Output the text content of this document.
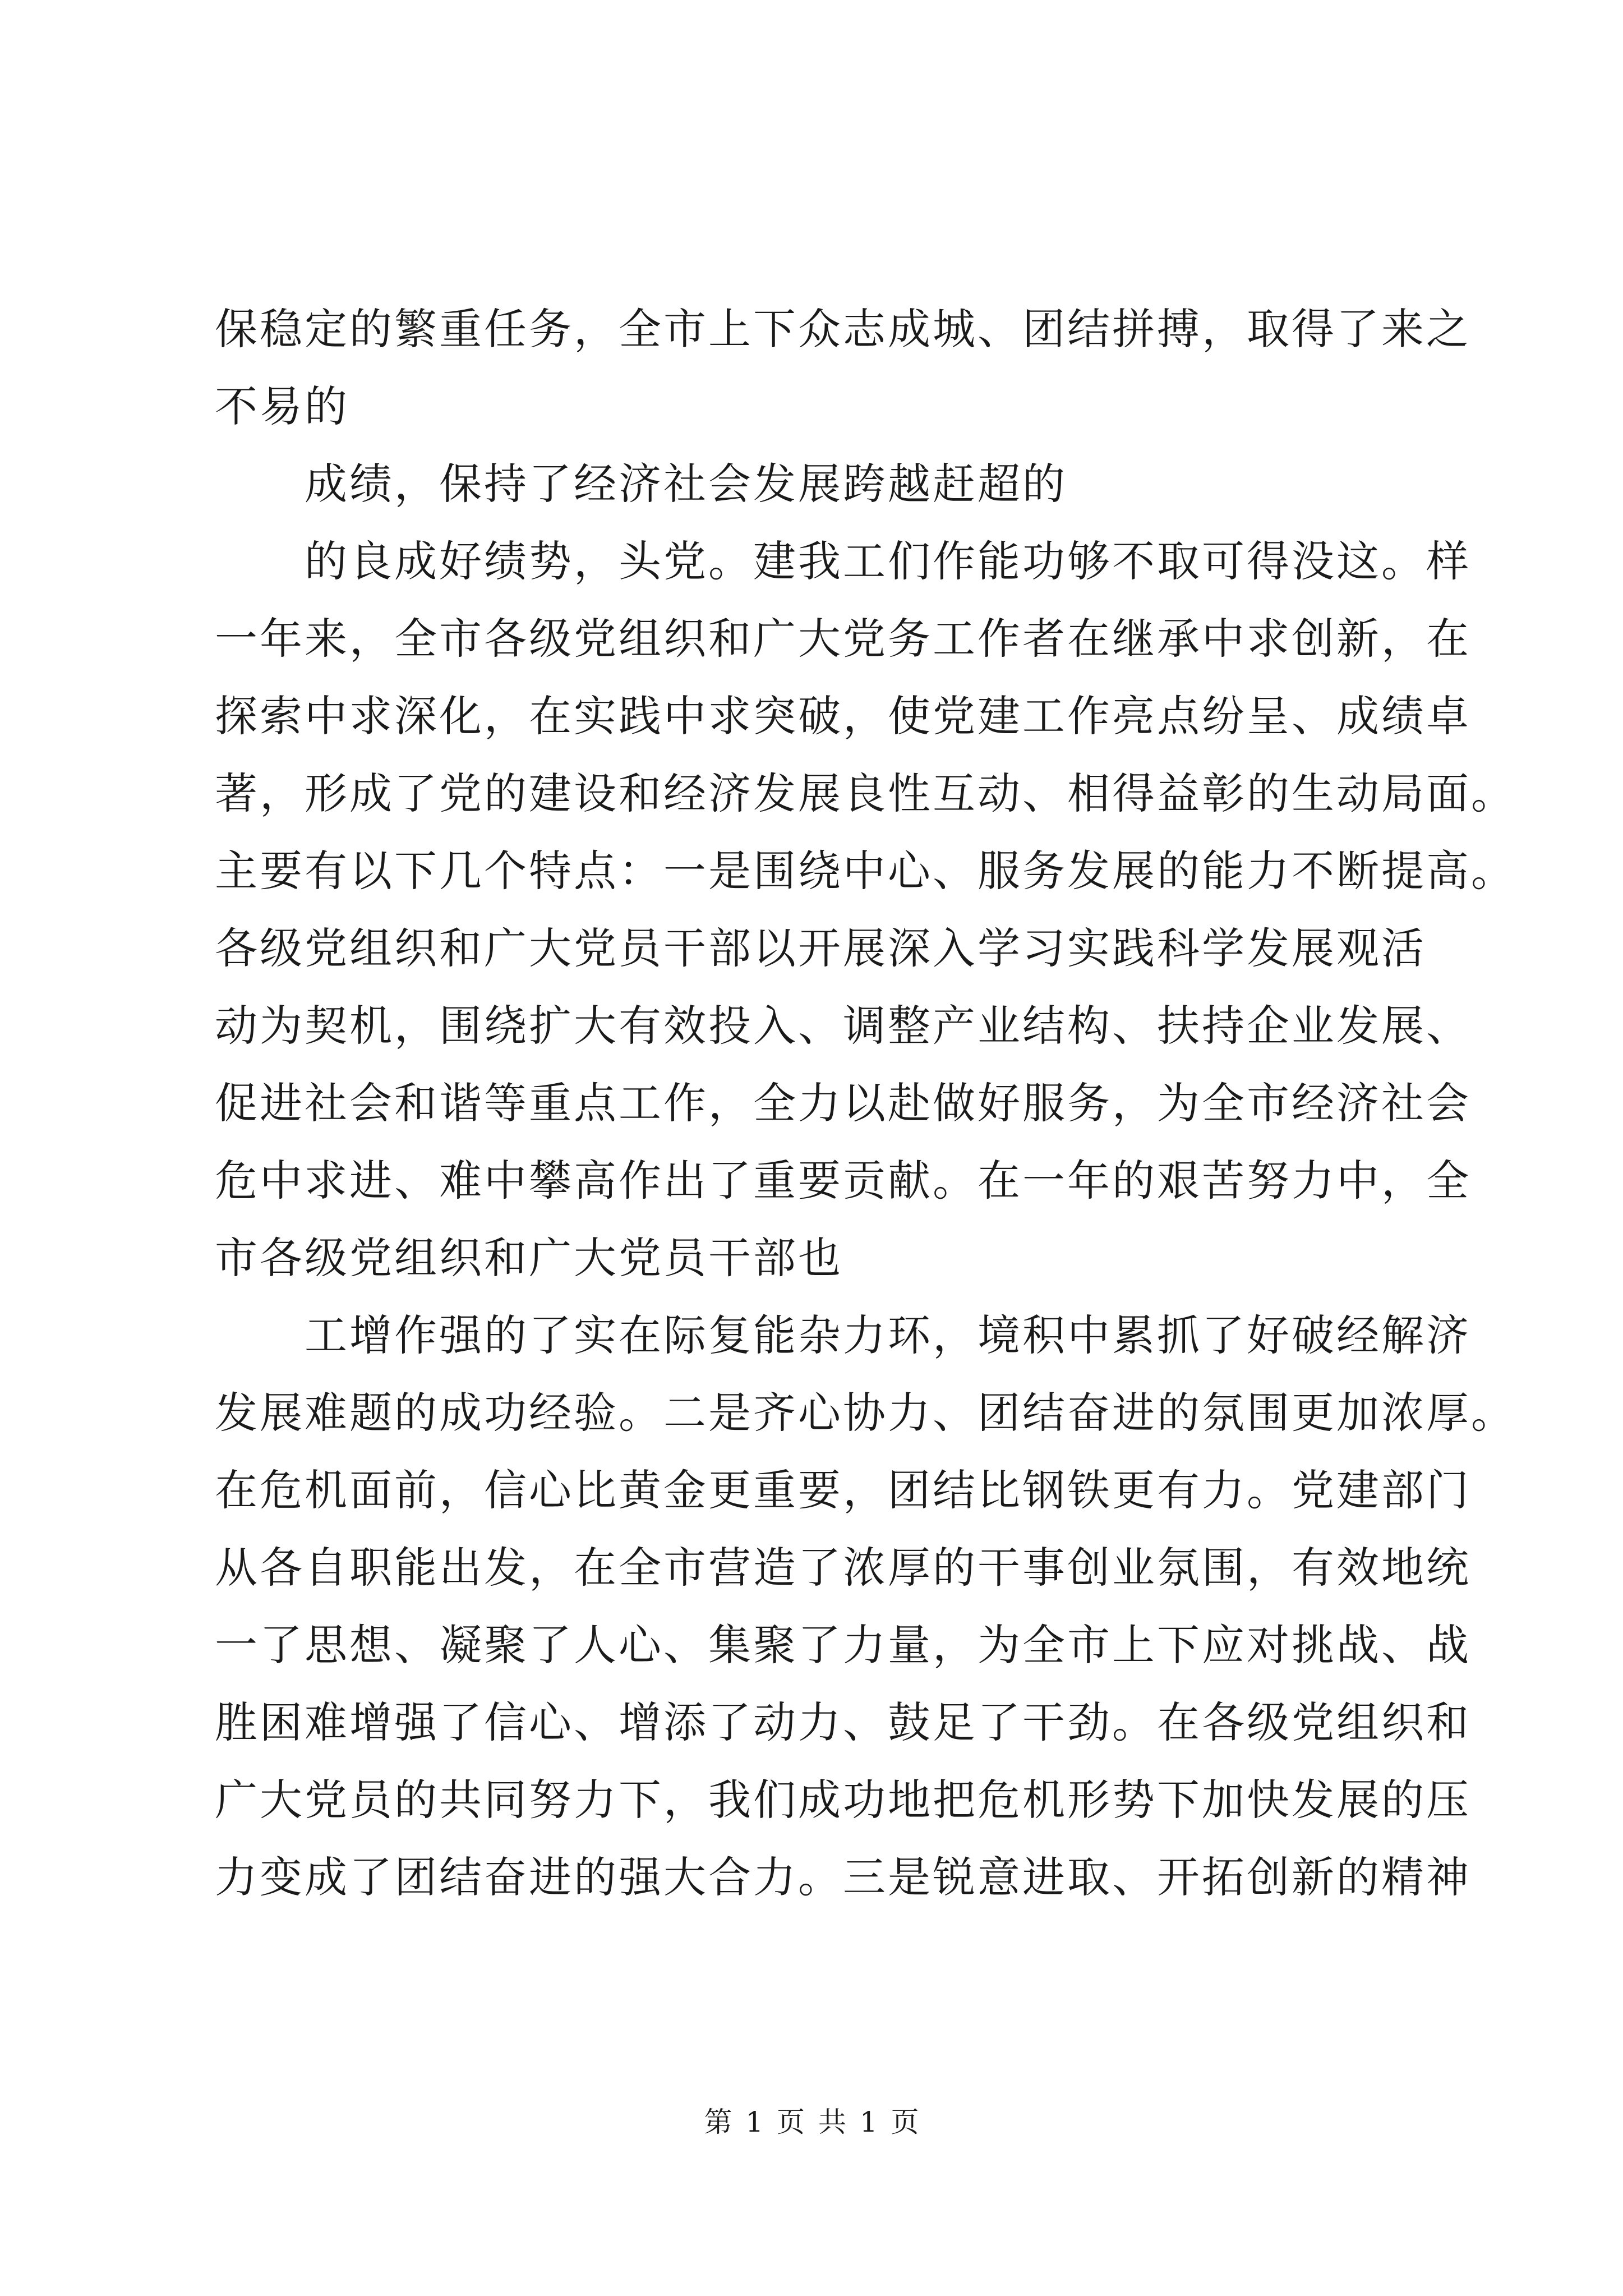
保稳定的繁重任务，全市上下众志成城、团结拼搏，取得了来之
不易的
成绩，保持了经济社会发展跨越赶超的
的良成好绩势，头党。建我工们作能功够不取可得没这。样
一年来，全市各级党组织和广大党务工作者在继承中求创新，在
探索中求深化，在实践中求突破，使党建工作亮点纷呈、成绩卓
著，形成了党的建设和经济发展良性互动、相得益彰的生动局面。
主要有以下几个特点：一是围绕中心、服务发展的能力不断提高。
各级党组织和广大党员干部以开展深入学习实践科学发展观活
动为契机，围绕扩大有效投入、调整产业结构、扶持企业发展、
促进社会和谐等重点工作，全力以赴做好服务，为全市经济社会
危中求进、难中攀高作出了重要贡献。在一年的艰苦努力中，全
市各级党组织和广大党员干部也
工增作强的了实在际复能杂力环，境积中累抓了好破经解济
发展难题的成功经验。二是齐心协力、团结奋进的氛围更加浓厚。
在危机面前，信心比黄金更重要，团结比钢铁更有力。党建部门
从各自职能出发，在全市营造了浓厚的干事创业氛围，有效地统
一了思想、凝聚了人心、集聚了力量，为全市上下应对挑战、战
胜困难增强了信心、增添了动力、鼓足了干劲。在各级党组织和
广大党员的共同努力下，我们成功地把危机形势下加快发展的压
力变成了团结奋进的强大合力。三是锐意进取、开拓创新的精神
第 1 页 共 1 页
